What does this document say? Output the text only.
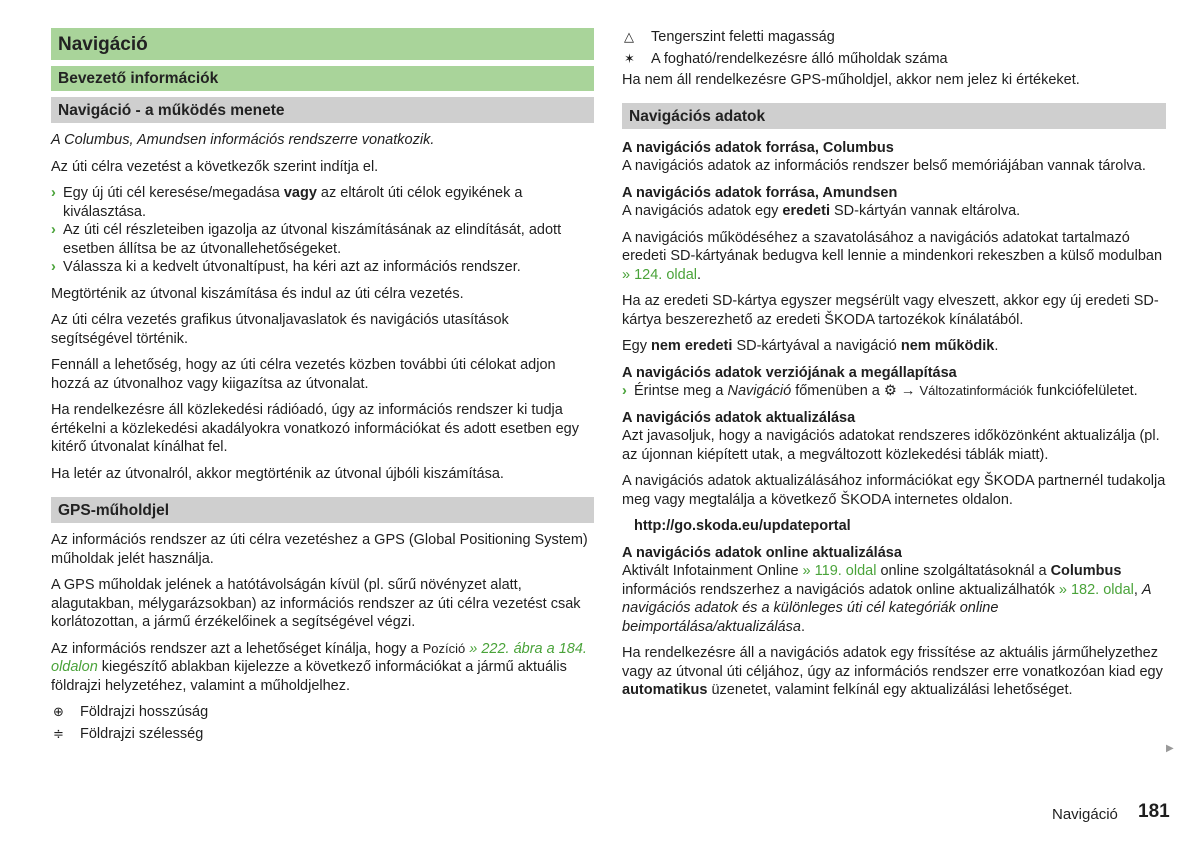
Navigáció
Bevezető információk
Navigáció - a működés menete

A Columbus, Amundsen információs rendszerre vonatkozik.

Az úti célra vezetést a következők szerint indítja el.

› Egy új úti cél keresése/megadása vagy az eltárolt úti célok egyikének a kiválasztása.
› Az úti cél részleteiben igazolja az útvonal kiszámításának az elindítását, adott esetben állítsa be az útvonallehetőségeket.
› Válassza ki a kedvelt útvonaltípust, ha kéri azt az információs rendszer.

Megtörténik az útvonal kiszámítása és indul az úti célra vezetés.

Az úti célra vezetés grafikus útvonaljavaslatok és navigációs utasítások segítségével történik.

Fennáll a lehetőség, hogy az úti célra vezetés közben további úti célokat adjon hozzá az útvonalhoz vagy kiigazítsa az útvonalat.

Ha rendelkezésre áll közlekedési rádióadó, úgy az információs rendszer ki tudja értékelni a közlekedési akadályokra vonatkozó információkat és adott esetben egy kitérő útvonalat kínálhat fel.

Ha letér az útvonalról, akkor megtörténik az útvonal újbóli kiszámítása.

GPS-műholdjel

Az információs rendszer az úti célra vezetéshez a GPS (Global Positioning System) műholdak jelét használja.

A GPS műholdak jelének a hatótávolságán kívül (pl. sűrű növényzet alatt, alagutakban, mélygarázsokban) az információs rendszer az úti célra vezetést csak korlátozottan, a jármű érzékelőinek a segítségével végzi.

Az információs rendszer azt a lehetőséget kínálja, hogy a Pozíció » 222. ábra a 184. oldalon kiegészítő ablakban kijelezze a következő információkat a jármű aktuális földrajzi helyzetéhez, valamint a műholdjelhez.

⊕ Földrajzi hosszúság
≑ Földrajzi szélesség
△ Tengerszint feletti magasság
✶ A fogható/rendelkezésre álló műholdak száma

Ha nem áll rendelkezésre GPS-műholdjel, akkor nem jelez ki értékeket.

Navigációs adatok

A navigációs adatok forrása, Columbus

A navigációs adatok az információs rendszer belső memóriájában vannak tárolva.

A navigációs adatok forrása, Amundsen

A navigációs adatok egy eredeti SD-kártyán vannak eltárolva.

A navigációs működéséhez a szavatolásához a navigációs adatokat tartalmazó eredeti SD-kártyának bedugva kell lennie a mindenkori rekeszben a külső modulban » 124. oldal.

Ha az eredeti SD-kártya egyszer megsérült vagy elveszett, akkor egy új eredeti SD-kártya beszerezhető az eredeti ŠKODA tartozékok kínálatából.

Egy nem eredeti SD-kártyával a navigáció nem működik.

A navigációs adatok verziójának a megállapítása

› Érintse meg a Navigáció főmenüben a ⚙ → Változatinformációk funkciófelületet.

A navigációs adatok aktualizálása

Azt javasoljuk, hogy a navigációs adatokat rendszeres időközönként aktualizálja (pl. az újonnan kiépített utak, a megváltozott közlekedési táblák miatt).

A navigációs adatok aktualizálásához információkat egy ŠKODA partnernél tudakolja meg vagy megtalálja a következő ŠKODA internetes oldalon.

http://go.skoda.eu/updateportal

A navigációs adatok online aktualizálása

Aktivált Infotainment Online » 119. oldal online szolgáltatásoknál a Columbus információs rendszerhez a navigációs adatok online aktualizálhatók » 182. oldal, A navigációs adatok és a különleges úti cél kategóriák online beimportálása/aktualizálása.

Ha rendelkezésre áll a navigációs adatok egy frissítése az aktuális járműhelyzethez vagy az útvonal úti céljához, úgy az információs rendszer erre vonatkozóan kiad egy automatikus üzenetet, valamint felkínál egy aktualizálási lehetőséget.

▶
Navigáció 181
